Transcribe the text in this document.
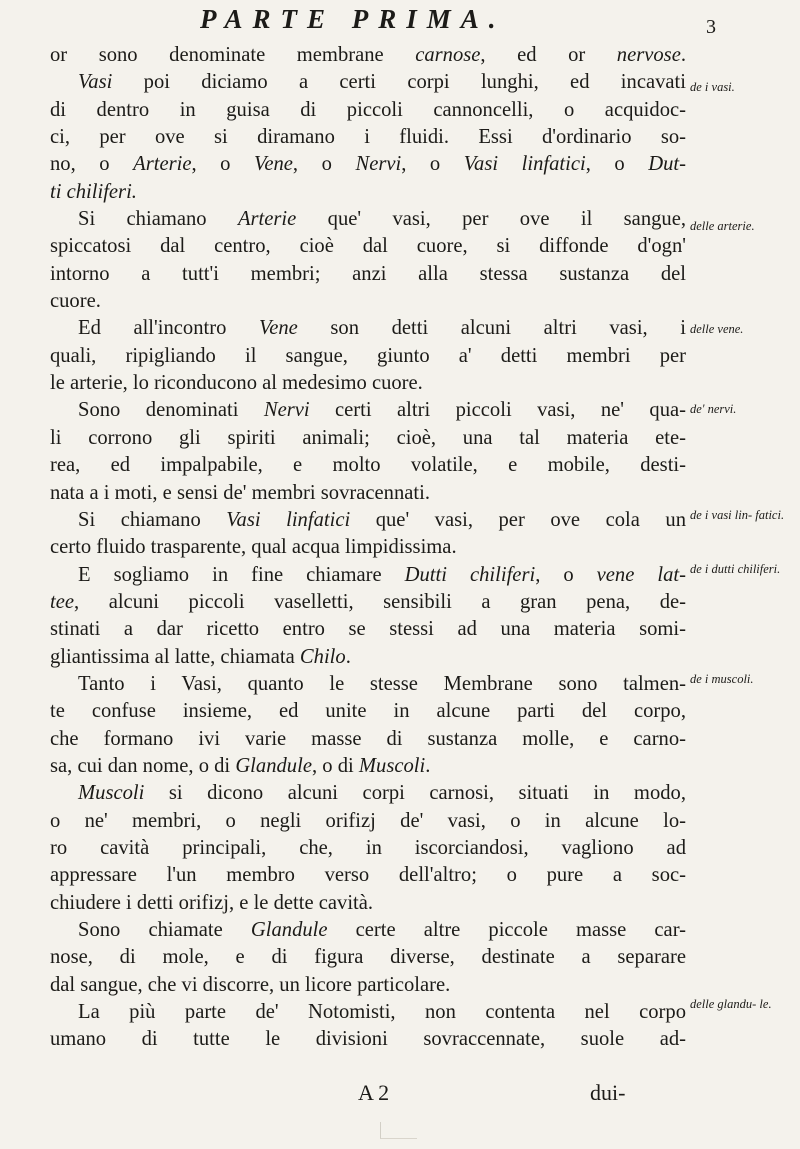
PARTE PRIMA.	3
or sono denominate membrane carnose, ed or nervose.
Vasi poi diciamo a certi corpi lunghi, ed incavati
di dentro in guisa di piccoli cannoncelli, o acquidoc-
ci, per ove si diramano i fluidi. Essi d'ordinario so-
no, o Arterie, o Vene, o Nervi, o Vasi linfatici, o Dut-
ti chiliferi.
Si chiamano Arterie que' vasi, per ove il sangue,
spiccatosi dal centro, cioè dal cuore, si diffonde d'ogn'
intorno a tutt'i membri; anzi alla stessa sustanza del
cuore.
Ed all'incontro Vene son detti alcuni altri vasi, i
quali, ripigliando il sangue, giunto a' detti membri per
le arterie, lo riconducono al medesimo cuore.
Sono denominati Nervi certi altri piccoli vasi, ne' qua-
li corrono gli spiriti animali; cioè, una tal materia ete-
rea, ed impalpabile, e molto volatile, e mobile, desti-
nata a i moti, e sensi de' membri sovracennati.
Si chiamano Vasi linfatici que' vasi, per ove cola un
certo fluido trasparente, qual acqua limpidissima.
E sogliamo in fine chiamare Dutti chiliferi, o vene lat-
tee, alcuni piccoli vaselletti, sensibili a gran pena, de-
stinati a dar ricetto entro se stessi ad una materia somi-
gliantissima al latte, chiamata Chilo.
Tanto i Vasi, quanto le stesse Membrane sono talmen-
te confuse insieme, ed unite in alcune parti del corpo,
che formano ivi varie masse di sustanza molle, e carno-
sa, cui dan nome, o di Glandule, o di Muscoli.
Muscoli si dicono alcuni corpi carnosi, situati in modo,
o ne' membri, o negli orifizj de' vasi, o in alcune lo-
ro cavità principali, che, in iscorciandosi, vagliono ad
appressare l'un membro verso dell'altro; o pure a soc-
chiudere i detti orifizj, e le dette cavità.
Sono chiamate Glandule certe altre piccole masse car-
nose, di mole, e di figura diverse, destinate a separare
dal sangue, che vi discorre, un licore particolare.
La più parte de' Notomisti, non contenta nel corpo
umano di tutte le divisioni sovraccennate, suole ad-
de i vasi.
delle arterie.
delle vene.
de' nervi.
de i vasi lin- fatici.
de i dutti chiliferi.
de i muscoli.
delle glandu- le.
A 2	dui-
